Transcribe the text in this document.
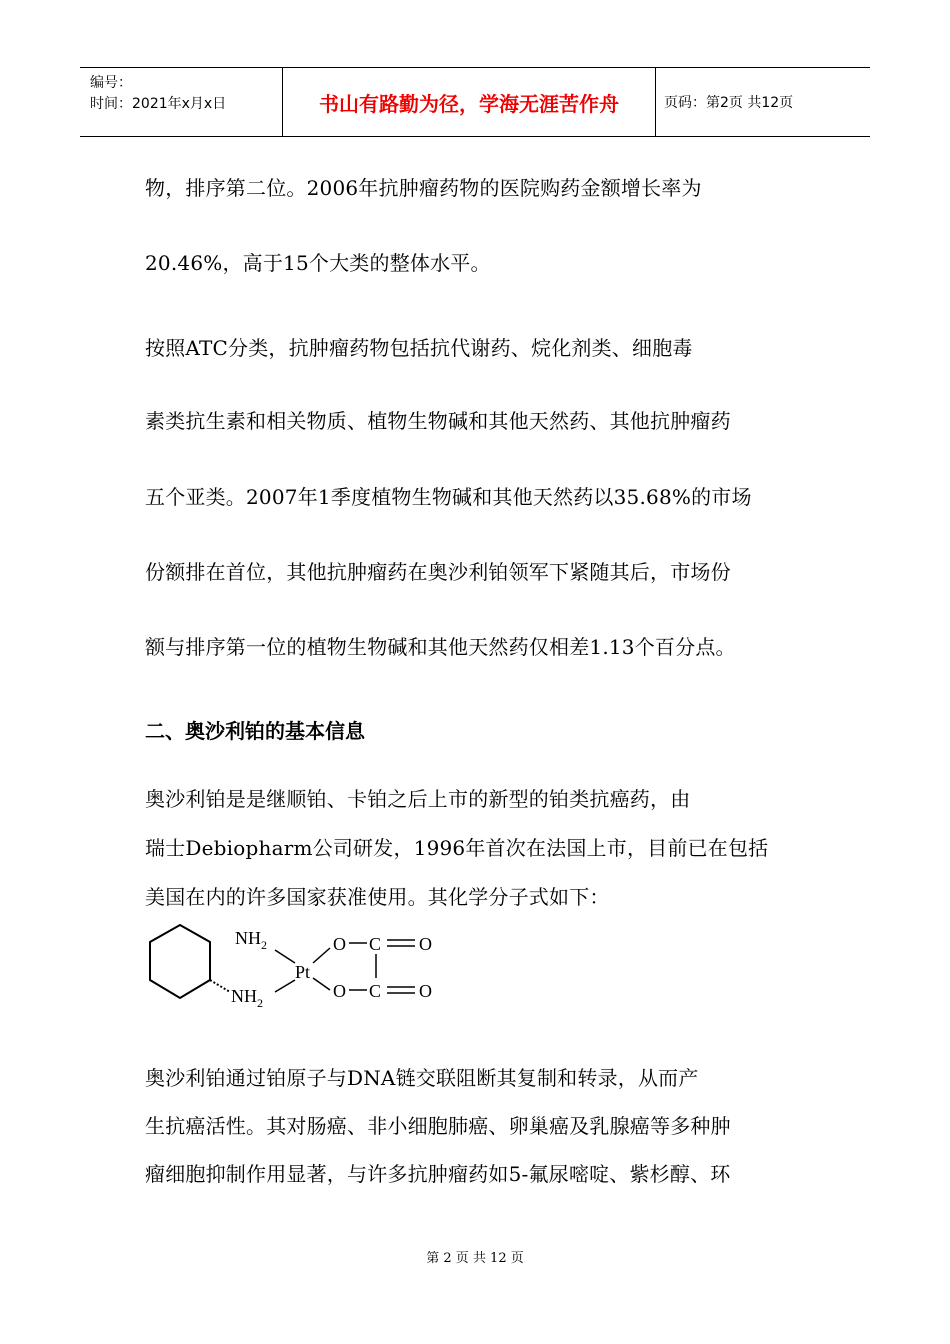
编号：
时间：2021年x月x日	书山有路勤为径，学海无涯苦作舟	页码：第2页 共12页
物，排序第二位。2006年抗肿瘤药物的医院购药金额增长率为
20.46%，高于15个大类的整体水平。
按照ATC分类，抗肿瘤药物包括抗代谢药、烷化剂类、细胞毒
素类抗生素和相关物质、植物生物碱和其他天然药、其他抗肿瘤药
五个亚类。2007年1季度植物生物碱和其他天然药以35.68%的市场
份额排在首位，其他抗肿瘤药在奥沙利铂领军下紧随其后，市场份
额与排序第一位的植物生物碱和其他天然药仅相差1.13个百分点。
二、奥沙利铂的基本信息
奥沙利铂是是继顺铂、卡铂之后上市的新型的铂类抗癌药，由
瑞士Debiopharm公司研发，1996年首次在法国上市，目前已在包括
美国在内的许多国家获准使用。其化学分子式如下：
$NH_2$
$NH_2$
Pt
O
O
C
C
O
O
奥沙利铂通过铂原子与DNA链交联阻断其复制和转录，从而产
生抗癌活性。其对肠癌、非小细胞肺癌、卵巢癌及乳腺癌等多种肿
瘤细胞抑制作用显著，与许多抗肿瘤药如5-氟尿嘧啶、紫杉醇、环
第 2 页 共 12 页
